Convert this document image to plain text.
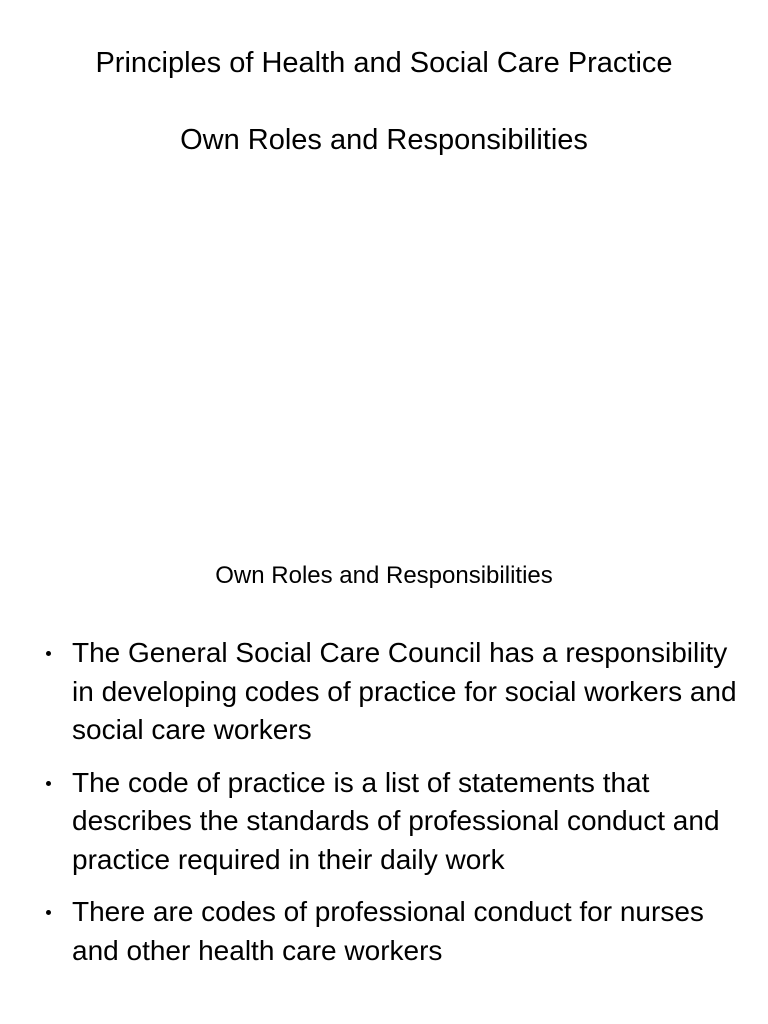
Principles of Health and Social Care Practice
Own Roles and Responsibilities
Own Roles and Responsibilities
The General Social Care Council has a responsibility in developing codes of practice for social workers and social care workers
The code of practice is a list of statements that describes the standards of professional conduct and practice required in their daily work
There are codes of professional conduct for nurses and other health care workers
